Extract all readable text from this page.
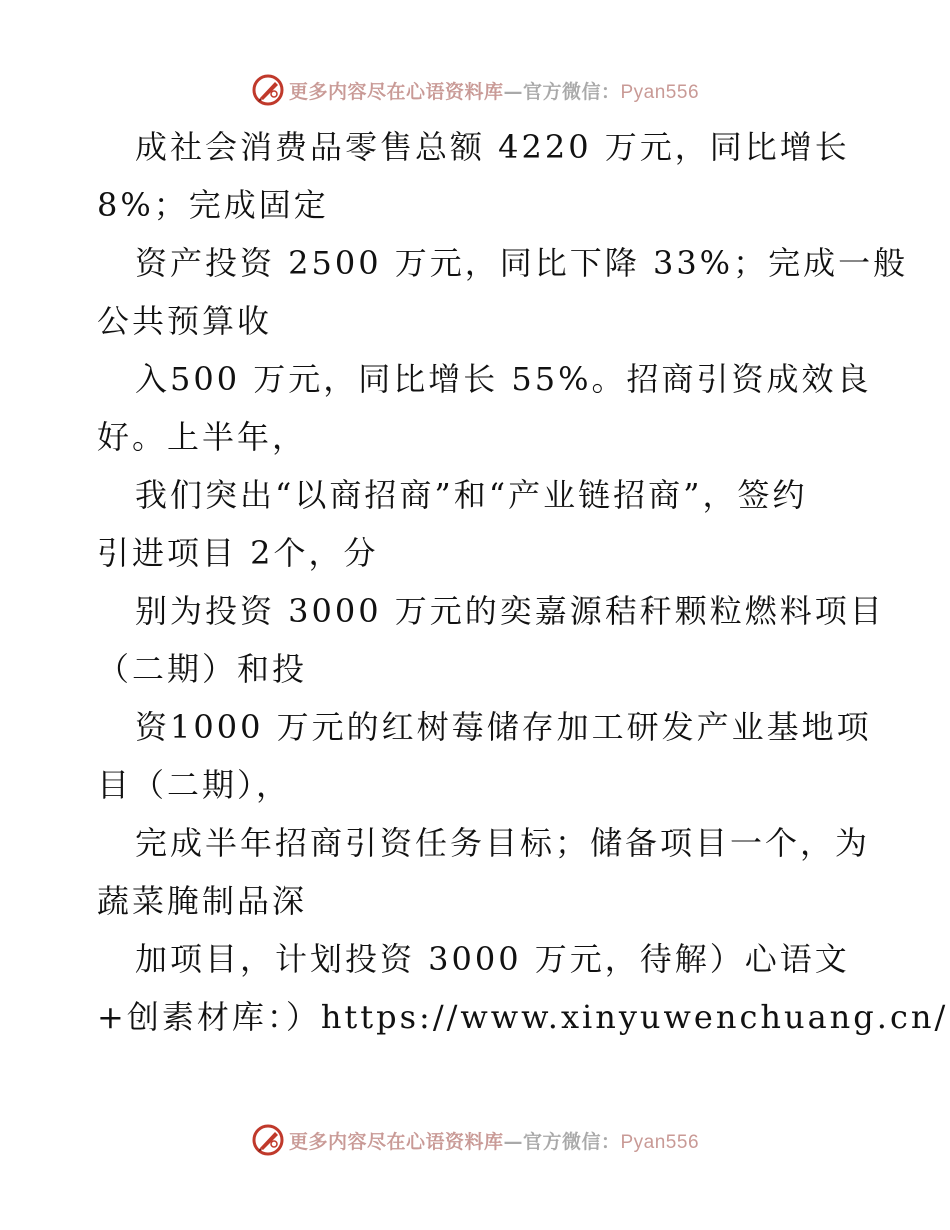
更多内容尽在心语资料库—官方微信：Pyan556
成社会消费品零售总额 4220 万元，同比增长
8%；完成固定
资产投资 2500 万元，同比下降 33%；完成一般
公共预算收
入500 万元，同比增长 55%。招商引资成效良
好。上半年，
我们突出“以商招商”和“产业链招商”，签约
引进项目 2个，分
别为投资 3000 万元的奕嘉源秸秆颗粒燃料项目
（二期）和投
资1000 万元的红树莓储存加工研发产业基地项
目（二期），
完成半年招商引资任务目标；储备项目一个，为
蔬菜腌制品深
加项目，计划投资 3000 万元，待解）心语文
+创素材库：）https://www.xinyuwenchuang.cn/
更多内容尽在心语资料库—官方微信：Pyan556
